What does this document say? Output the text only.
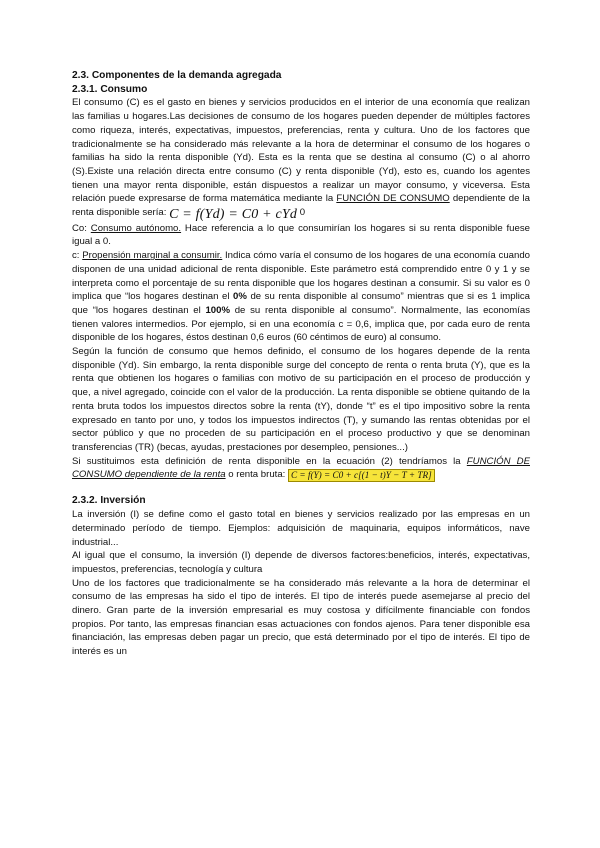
2.3. Componentes de la demanda agregada

2.3.1. Consumo

El consumo (C) es el gasto en bienes y servicios producidos en el interior de una economía que realizan las familias u hogares.Las decisiones de consumo de los hogares pueden depender de múltiples factores como riqueza, interés, expectativas, impuestos, preferencias, renta y cultura. Uno de los factores que tradicionalmente se ha considerado más relevante a la hora de determinar el consumo de los hogares o familias ha sido la renta disponible (Yd). Esta es la renta que se destina al consumo (C) o al ahorro (S).Existe una relación directa entre consumo (C) y renta disponible (Yd), esto es, cuando los agentes tienen una mayor renta disponible, están dispuestos a realizar un mayor consumo, y viceversa. Esta relación puede expresarse de forma matemática mediante la FUNCIÓN DE CONSUMO dependiente de la renta disponible sería: C = f(Yd) = C0 + cYd 0

Co: Consumo autónomo. Hace referencia a lo que consumirían los hogares si su renta disponible fuese igual a 0.

c: Propensión marginal a consumir. Indica cómo varía el consumo de los hogares de una economía cuando disponen de una unidad adicional de renta disponible. Este parámetro está comprendido entre 0 y 1 y se interpreta como el porcentaje de su renta disponible que los hogares destinan a consumir. Si su valor es 0 implica que “los hogares destinan el 0% de su renta disponible al consumo” mientras que si es 1 implica que “los hogares destinan el 100% de su renta disponible al consumo”. Normalmente, las economías tienen valores intermedios. Por ejemplo, si en una economía c = 0,6, implica que, por cada euro de renta disponible de los hogares, éstos destinan 0,6 euros (60 céntimos de euro) al consumo.

Según la función de consumo que hemos definido, el consumo de los hogares depende de la renta disponible (Yd). Sin embargo, la renta disponible surge del concepto de renta o renta bruta (Y), que es la renta que obtienen los hogares o familias con motivo de su participación en el proceso de producción y que, a nivel agregado, coincide con el valor de la producción. La renta disponible se obtiene quitando de la renta bruta todos los impuestos directos sobre la renta (tY), donde “t” es el tipo impositivo sobre la renta expresado en tanto por uno, y todos los impuestos indirectos (T), y sumando las rentas obtenidas por el sector público y que no proceden de su participación en el proceso productivo y que se denominan transferencias (TR) (becas, ayudas, prestaciones por desempleo, pensiones...)

Si sustituimos esta definición de renta disponible en la ecuación (2) tendríamos la FUNCIÓN DE CONSUMO dependiente de la renta o renta bruta: C = f(Y) = C0 + c[(1 − t)Y − T + TR]

2.3.2. Inversión

La inversión (I) se define como el gasto total en bienes y servicios realizado por las empresas en un determinado período de tiempo. Ejemplos: adquisición de maquinaria, equipos informáticos, nave industrial...

Al igual que el consumo, la inversión (I) depende de diversos factores:beneficios, interés, expectativas, impuestos, preferencias, tecnología y cultura

Uno de los factores que tradicionalmente se ha considerado más relevante a la hora de determinar el consumo de las empresas ha sido el tipo de interés. El tipo de interés puede asemejarse al precio del dinero. Gran parte de la inversión empresarial es muy costosa y difícilmente financiable con fondos propios. Por tanto, las empresas financian esas actuaciones con fondos ajenos. Para tener disponible esa financiación, las empresas deben pagar un precio, que está determinado por el tipo de interés. El tipo de interés es un
